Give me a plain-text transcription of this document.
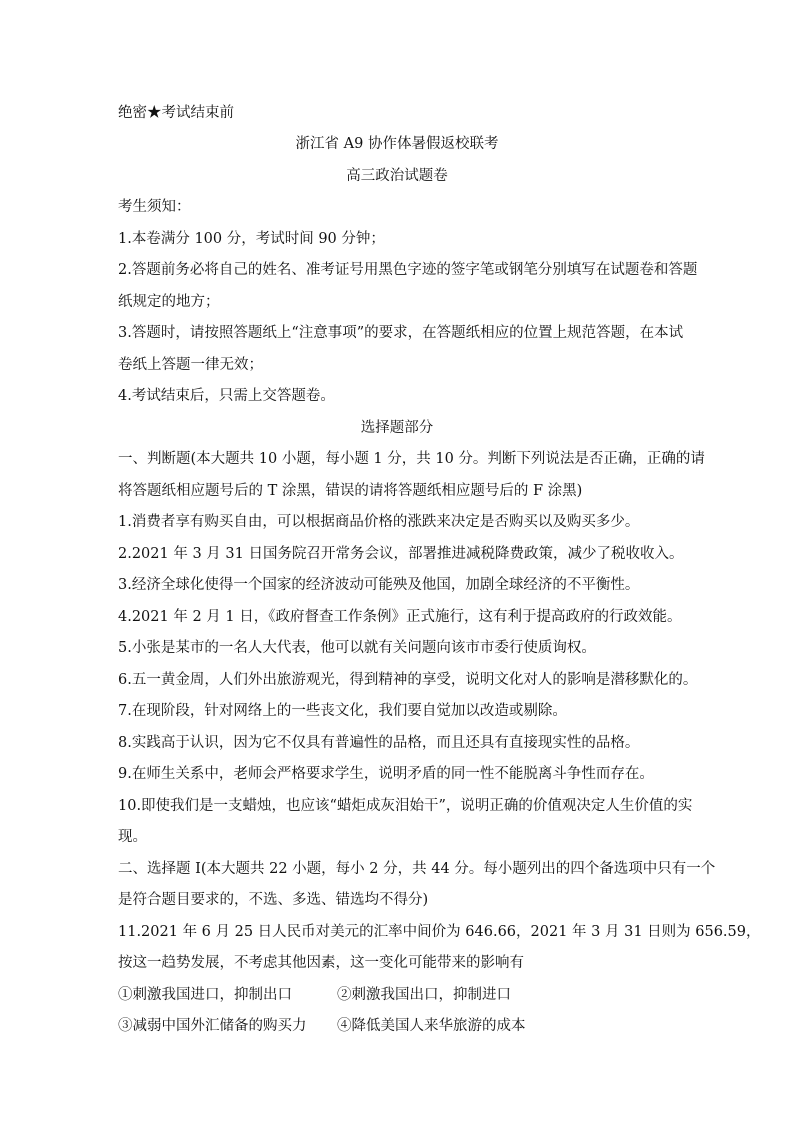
绝密★考试结束前
浙江省 A9 协作体暑假返校联考
高三政治试题卷
考生须知：
1.本卷满分 100 分，考试时间 90 分钟；
2.答题前务必将自己的姓名、准考证号用黑色字迹的签字笔或钢笔分别填写在试题卷和答题
纸规定的地方；
3.答题时，请按照答题纸上“注意事项”的要求，在答题纸相应的位置上规范答题，在本试
卷纸上答题一律无效；
4.考试结束后，只需上交答题卷。
选择题部分
一、判断题(本大题共 10 小题，每小题 1 分，共 10 分。判断下列说法是否正确，正确的请
将答题纸相应题号后的 T 涂黑，错误的请将答题纸相应题号后的 F 涂黑)
1.消费者享有购买自由，可以根据商品价格的涨跌来决定是否购买以及购买多少。
2.2021 年 3 月 31 日国务院召开常务会议，部署推进减税降费政策，减少了税收收入。
3.经济全球化使得一个国家的经济波动可能殃及他国，加剧全球经济的不平衡性。
4.2021 年 2 月 1 日，《政府督查工作条例》正式施行，这有利于提高政府的行政效能。
5.小张是某市的一名人大代表，他可以就有关问题向该市市委行使质询权。
6.五一黄金周，人们外出旅游观光，得到精神的享受，说明文化对人的影响是潜移默化的。
7.在现阶段，针对网络上的一些丧文化，我们要自觉加以改造或剔除。
8.实践高于认识，因为它不仅具有普遍性的品格，而且还具有直接现实性的品格。
9.在师生关系中，老师会严格要求学生，说明矛盾的同一性不能脱离斗争性而存在。
10.即使我们是一支蜡烛，也应该“蜡炬成灰泪始干”，说明正确的价值观决定人生价值的实
现。
二、选择题 I(本大题共 22 小题，每小 2 分，共 44 分。每小题列出的四个备选项中只有一个
是符合题目要求的，不选、多选、错选均不得分)
11.2021 年 6 月 25 日人民币对美元的汇率中间价为 646.66，2021 年 3 月 31 日则为 656.59，
按这一趋势发展，不考虑其他因素，这一变化可能带来的影响有
①刺激我国进口，抑制出口	②刺激我国出口，抑制进口
③减弱中国外汇储备的购买力 ④降低美国人来华旅游的成本
